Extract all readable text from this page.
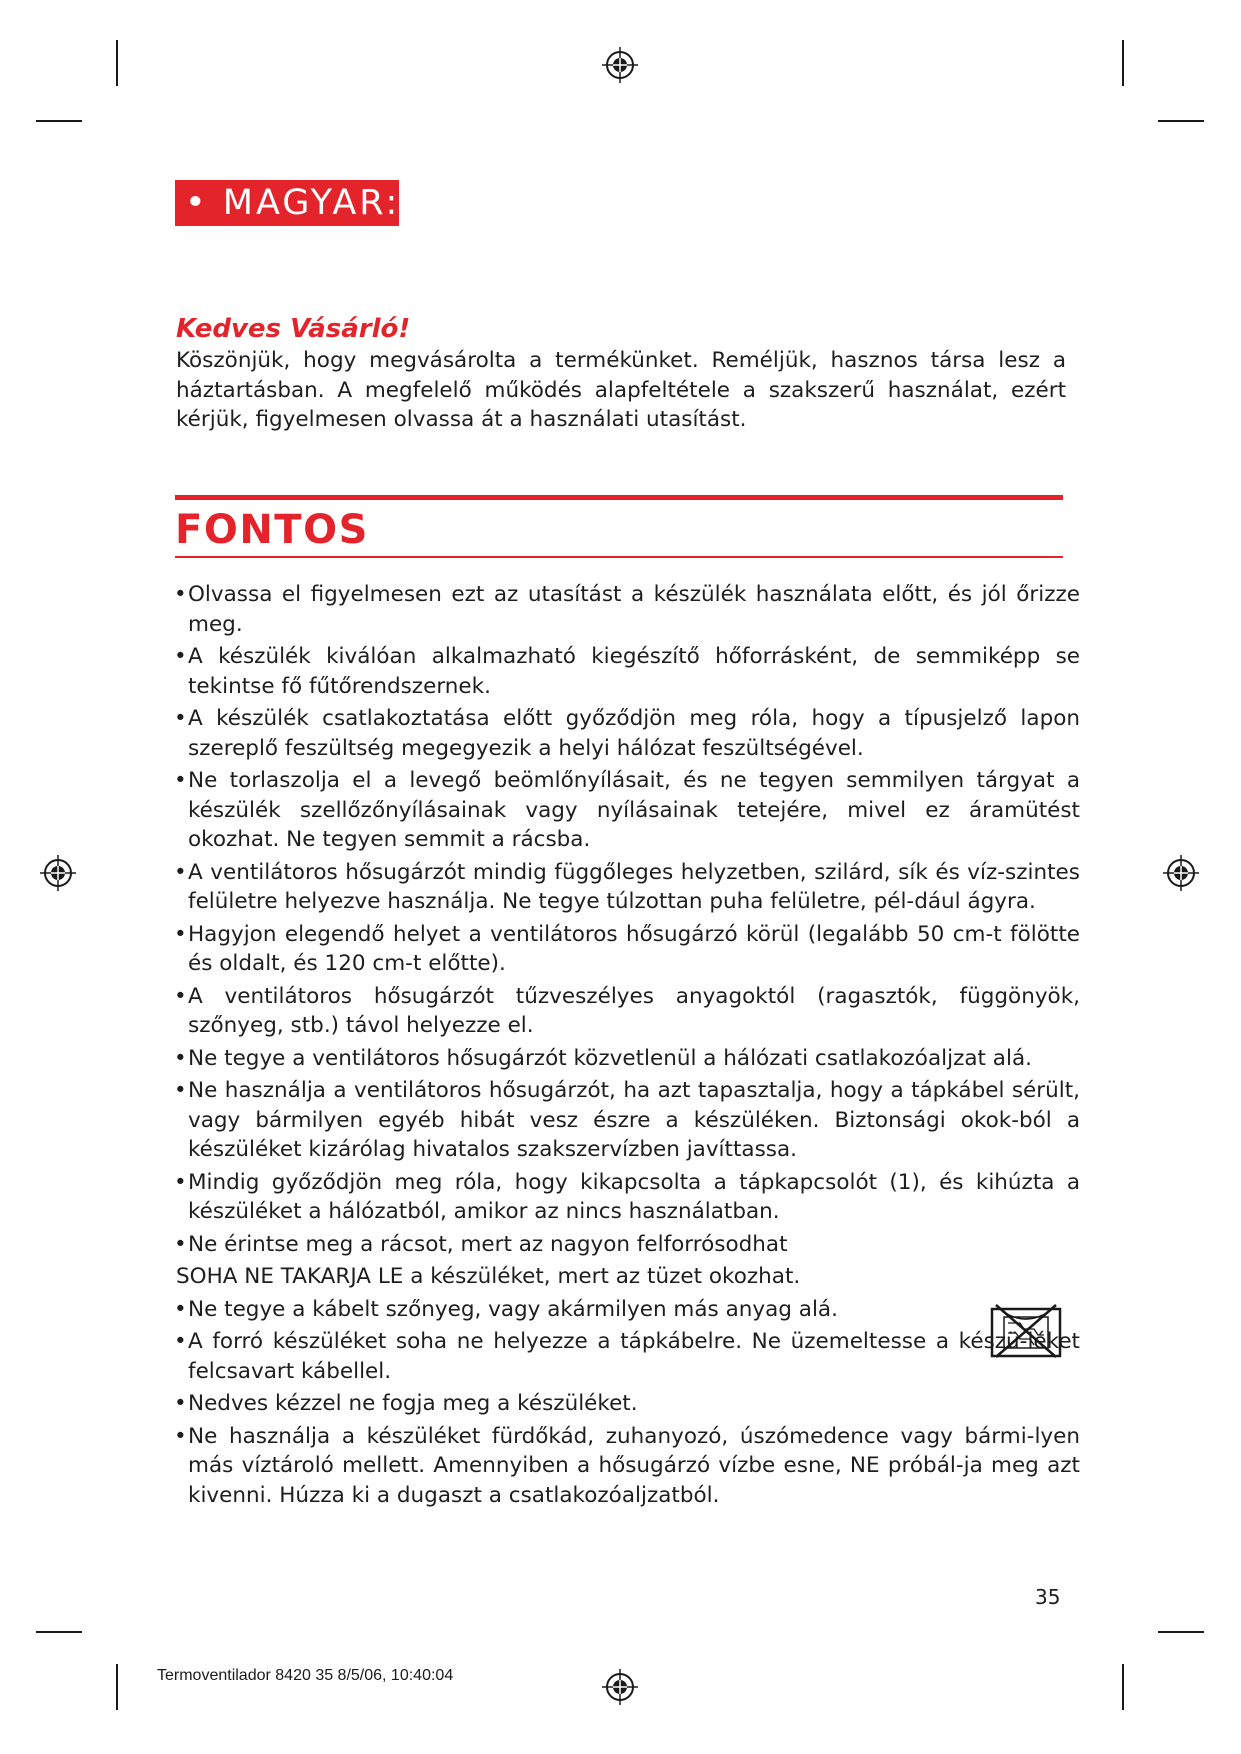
• MAGYAR:
Kedves Vásárló!
Köszönjük, hogy megvásárolta a termékünket. Reméljük, hasznos társa lesz a háztartásban. A megfelelő működés alapfeltétele a szakszerű használat, ezért kérjük, figyelmesen olvassa át a használati utasítást.
FONTOS
• Olvassa el figyelmesen ezt az utasítást a készülék használata előtt, és jól őrizze meg.
• A készülék kiválóan alkalmazható kiegészítő hőforrásként, de semmiképp se tekintse fő fűtőrendszernek.
• A készülék csatlakoztatása előtt győződjön meg róla, hogy a típusjelző lapon szereplő feszültség megegyezik a helyi hálózat feszültségével.
• Ne torlaszolja el a levegő beömlőnyílásait, és ne tegyen semmilyen tárgyat a készülék szellőzőnyílásainak vagy nyílásainak tetejére, mivel ez áramütést okozhat. Ne tegyen semmit a rácsba.
• A ventilátoros hősugárzót mindig függőleges helyzetben, szilárd, sík és víz-szintes felületre helyezve használja. Ne tegye túlzottan puha felületre, pél-dául ágyra.
• Hagyjon elegendő helyet a ventilátoros hősugárzó körül (legalább 50 cm-t fölötte és oldalt, és 120 cm-t előtte).
• A ventilátoros hősugárzót tűzveszélyes anyagoktól (ragasztók, függönyök, szőnyeg, stb.) távol helyezze el.
• Ne tegye a ventilátoros hősugárzót közvetlenül a hálózati csatlakozóaljzat alá.
• Ne használja a ventilátoros hősugárzót, ha azt tapasztalja, hogy a tápkábel sérült, vagy bármilyen egyéb hibát vesz észre a készüléken. Biztonsági okok-ból a készüléket kizárólag hivatalos szakszervízben javíttassa.
• Mindig győződjön meg róla, hogy kikapcsolta a tápkapcsolót (1), és kihúzta a készüléket a hálózatból, amikor az nincs használatban.
• Ne érintse meg a rácsot, mert az nagyon felforrósodhat
SOHA NE TAKARJA LE a készüléket, mert az tüzet okozhat.
• Ne tegye a kábelt szőnyeg, vagy akármilyen más anyag alá.
• A forró készüléket soha ne helyezze a tápkábelre. Ne üzemeltesse a készü-léket felcsavart kábellel.
• Nedves kézzel ne fogja meg a készüléket.
• Ne használja a készüléket fürdőkád, zuhanyozó, úszómedence vagy bármi-lyen más víztároló mellett. Amennyiben a hősugárzó vízbe esne, NE próbál-ja meg azt kivenni. Húzza ki a dugaszt a csatlakozóaljzatból.
35
Termoventilador 8420 35 8/5/06, 10:40:04
